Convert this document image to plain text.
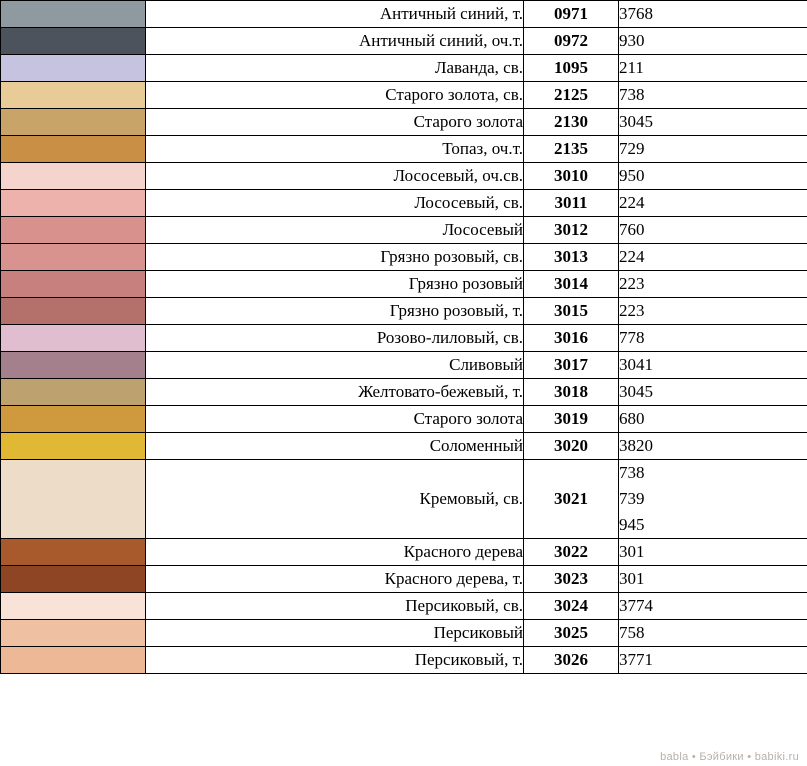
	Античный синий, т.	0971	3768

	Античный синий, оч.т.	0972	930

	Лаванда, св.	1095	211

	Старого золота, св.	2125	738

	Старого золота	2130	3045

	Топаз, оч.т.	2135	729

	Лососевый, оч.св.	3010	950

	Лососевый, св.	3011	224

	Лососевый	3012	760

	Грязно розовый, св.	3013	224

	Грязно розовый	3014	223

	Грязно розовый, т.	3015	223

	Розово-лиловый, св.	3016	778

	Сливовый	3017	3041

	Желтовато-бежевый, т.	3018	3045

	Старого золота	3019	680

	Соломенный	3020	3820

	Кремовый, св.	3021	738
739
945

	Красного дерева	3022	301

	Красного дерева, т.	3023	301

	Персиковый, св.	3024	3774

	Персиковый	3025	758

	Персиковый, т.	3026	3771
babla • Бэйбики • babiki.ru
